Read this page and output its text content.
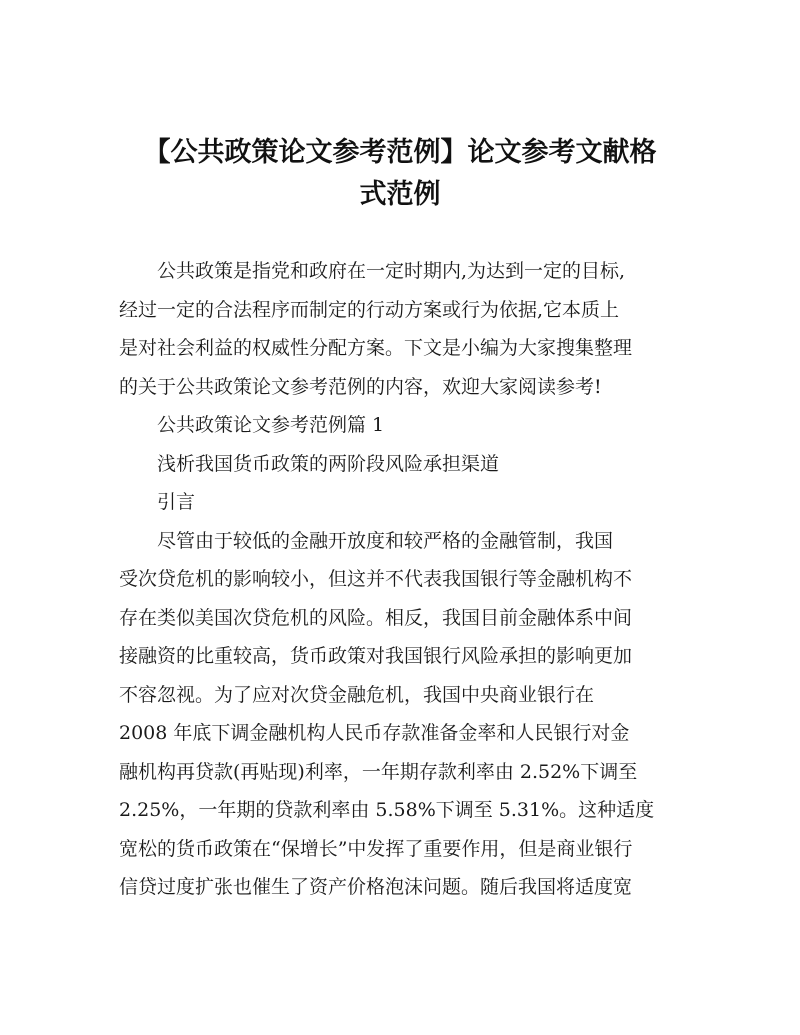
【公共政策论文参考范例】论文参考文献格
式范例

公共政策是指党和政府在一定时期内,为达到一定的目标,
经过一定的合法程序而制定的行动方案或行为依据,它本质上
是对社会利益的权威性分配方案。下文是小编为大家搜集整理
的关于公共政策论文参考范例的内容，欢迎大家阅读参考!

公共政策论文参考范例篇 1

浅析我国货币政策的两阶段风险承担渠道

引言

尽管由于较低的金融开放度和较严格的金融管制，我国
受次贷危机的影响较小，但这并不代表我国银行等金融机构不
存在类似美国次贷危机的风险。相反，我国目前金融体系中间
接融资的比重较高，货币政策对我国银行风险承担的影响更加
不容忽视。为了应对次贷金融危机，我国中央商业银行在
2008 年底下调金融机构人民币存款准备金率和人民银行对金
融机构再贷款(再贴现)利率，一年期存款利率由 2.52%下调至
2.25%，一年期的贷款利率由 5.58%下调至 5.31%。这种适度
宽松的货币政策在“保增长”中发挥了重要作用，但是商业银行
信贷过度扩张也催生了资产价格泡沫问题。随后我国将适度宽
